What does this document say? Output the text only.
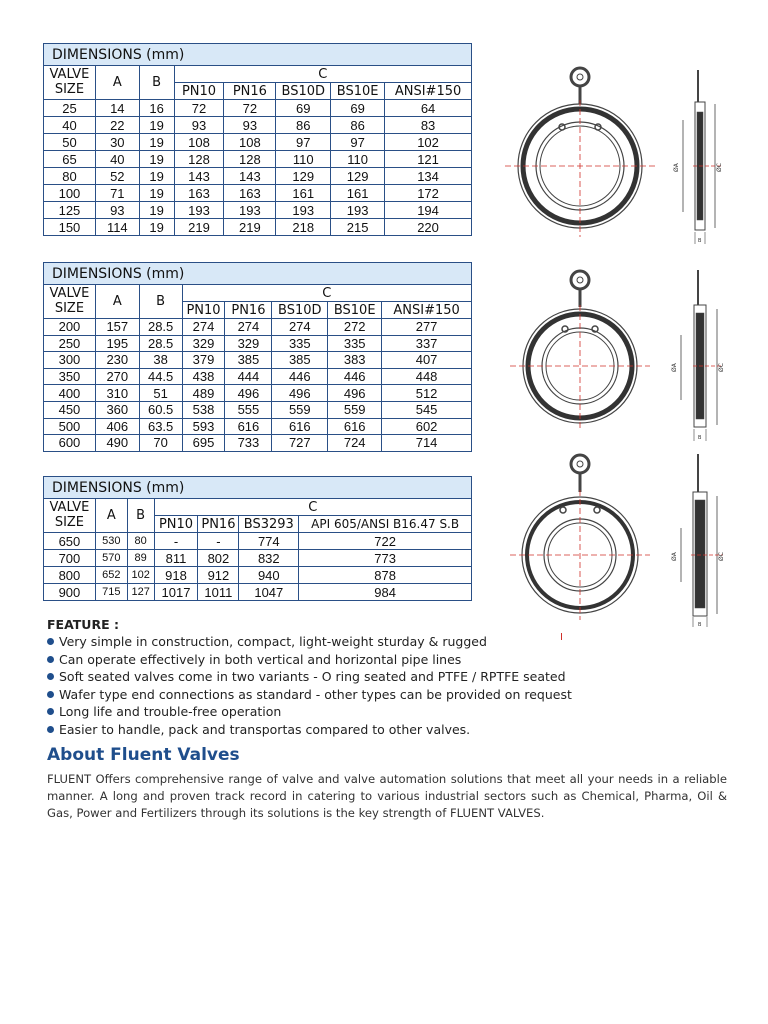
DIMENSIONS (mm)							
VALVE
SIZE	A	B	C				
			PN10	PN16	BS10D	BS10E	ANSI#150
25	14	16	72	72	69	69	64
40	22	19	93	93	86	86	83
50	30	19	108	108	97	97	102
65	40	19	128	128	110	110	121
80	52	19	143	143	129	129	134
100	71	19	163	163	161	161	172
125	93	19	193	193	193	193	194
150	114	19	219	219	218	215	220
DIMENSIONS (mm)							
VALVE
SIZE	A	B	C				
			PN10	PN16	BS10D	BS10E	ANSI#150
200	157	28.5	274	274	274	272	277
250	195	28.5	329	329	335	335	337
300	230	38	379	385	385	383	407
350	270	44.5	438	444	446	446	448
400	310	51	489	496	496	496	512
450	360	60.5	538	555	559	559	545
500	406	63.5	593	616	616	616	602
600	490	70	695	733	727	724	714
DIMENSIONS (mm)						
VALVE
SIZE	A	B	C			
			PN10	PN16	BS3293	API 605/ANSI B16.47 S.B
650	530	80	-	-	774	722
700	570	89	811	802	832	773
800	652	102	918	912	940	878
900	715	127	1017	1011	1047	984
ØA	ØC
B
ØA	ØC
B
ØA	ØC
B
FEATURE :
Very simple in construction, compact, light-weight sturday & rugged
Can operate effectively in both vertical and horizontal pipe lines
Soft seated valves come in two variants - O ring seated and PTFE / RPTFE seated
Wafer type end connections as standard - other types can be provided on request
Long life and trouble-free operation
Easier to handle, pack and transportas compared to other valves.
About Fluent Valves

FLUENT Offers comprehensive range of valve and valve automation solutions that meet all your needs in a reliable manner. A long and proven track record in catering to various industrial sectors such as Chemical, Pharma, Oil & Gas, Power and Fertilizers through its solutions is the key strength of FLUENT VALVES.
